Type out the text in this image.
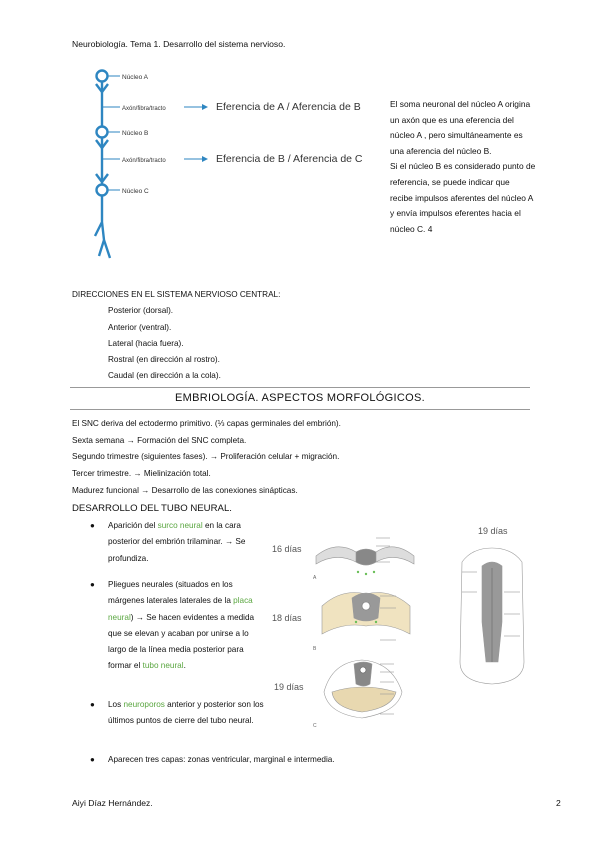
Neurobiología. Tema 1. Desarrollo del sistema nervioso.
Núcleo A
Axón/fibra/tracto
Núcleo B
Axón/fibra/tracto
Núcleo C
Eferencia de A / Aferencia de B
Eferencia de B / Aferencia de C

El soma neuronal del núcleo A origina

un axón que es una eferencia del

núcleo A , pero simultáneamente es

una aferencia del núcleo B.

Si el núcleo B es considerado punto de

referencia, se puede indicar que

recibe impulsos aferentes del núcleo A

y envía impulsos eferentes hacia el

núcleo C. 4

DIRECCIONES EN EL SISTEMA NERVIOSO CENTRAL:
Posterior (dorsal).
Anterior (ventral).
Lateral (hacia fuera).
Rostral (en dirección al rostro).
Caudal (en dirección a la cola).
EMBRIOLOGÍA. ASPECTOS MORFOLÓGICOS.
El SNC deriva del ectodermo primitivo. (⅓ capas germinales del embrión).
Sexta semana → Formación del SNC completa.
Segundo trimestre (siguientes fases). → Proliferación celular + migración.
Tercer trimestre. → Mielinización total.
Madurez funcional → Desarrollo de las conexiones sinápticas.
DESARROLLO DEL TUBO NEURAL.
● Aparición del surco neural en la cara posterior del embrión trilaminar. → Se profundiza.
● Pliegues neurales (situados en los márgenes laterales laterales de la placa neural) → Se hacen evidentes a medida que se elevan y acaban por unirse a lo largo de la línea media posterior para formar el tubo neural.
● Los neuroporos anterior y posterior son los últimos puntos de cierre del tubo neural.
● Aparecen tres capas: zonas ventricular, marginal e intermedia.
16 días
18 días
19 días
19 días
A
B
C
Aiyi Díaz Hernández.	2
